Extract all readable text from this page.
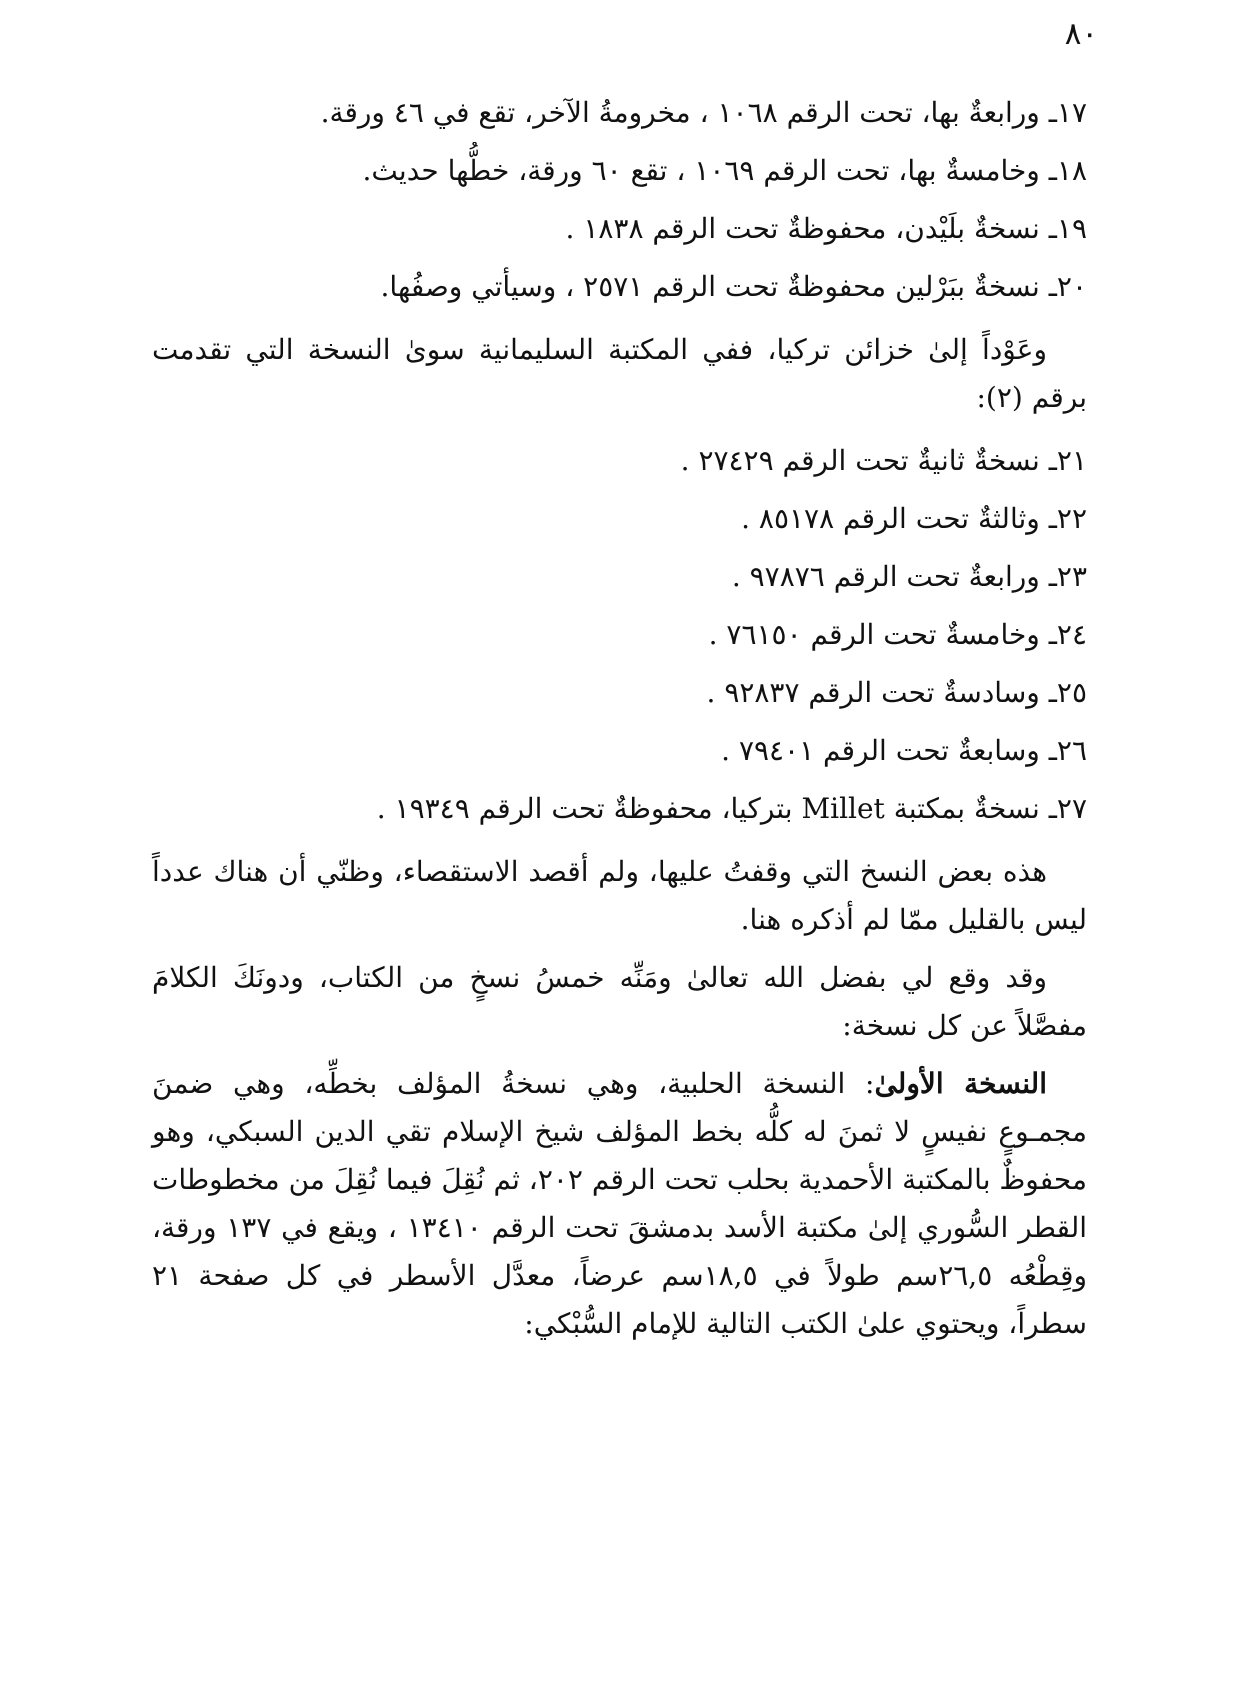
٨٠
١٧ـ ورابعةٌ بها، تحت الرقم ١٠٦٨ ، مخرومةُ الآخر، تقع في ٤٦ ورقة.
١٨ـ وخامسةٌ بها، تحت الرقم ١٠٦٩ ، تقع ٦٠ ورقة، خطُّها حديث.
١٩ـ نسخةٌ بلَيْدن، محفوظةٌ تحت الرقم ١٨٣٨ .
٢٠ـ نسخةٌ ببَرْلين محفوظةٌ تحت الرقم ٢٥٧١ ، وسيأتي وصفُها.

وعَوْداً إلىٰ خزائن تركيا، ففي المكتبة السليمانية سوىٰ النسخة التي تقدمت برقم (٢):

٢١ـ نسخةٌ ثانيةٌ تحت الرقم ٢٧٤٢٩ .
٢٢ـ وثالثةٌ تحت الرقم ٨٥١٧٨ .
٢٣ـ ورابعةٌ تحت الرقم ٩٧٨٧٦ .
٢٤ـ وخامسةٌ تحت الرقم ٧٦١٥٠ .
٢٥ـ وسادسةٌ تحت الرقم ٩٢٨٣٧ .
٢٦ـ وسابعةٌ تحت الرقم ٧٩٤٠١ .
٢٧ـ نسخةٌ بمكتبة Millet بتركيا، محفوظةٌ تحت الرقم ١٩٣٤٩ .

هذه بعض النسخ التي وقفتُ عليها، ولم أقصد الاستقصاء، وظنّي أن هناك عدداً ليس بالقليل ممّا لم أذكره هنا.

وقد وقع لي بفضل الله تعالىٰ ومَنِّه خمسُ نسخٍ من الكتاب، ودونَكَ الكلامَ مفصَّلاً عن كل نسخة:

النسخة الأولىٰ: النسخة الحلبية، وهي نسخةُ المؤلف بخطِّه، وهي ضمنَ مجمـوعٍ نفيسٍ لا ثمنَ له كلُّه بخط المؤلف شيخ الإسلام تقي الدين السبكي، وهو محفوظٌ بالمكتبة الأحمدية بحلب تحت الرقم ٢٠٢، ثم نُقِلَ فيما نُقِلَ من مخطوطات القطر السُّوري إلىٰ مكتبة الأسد بدمشقَ تحت الرقم ١٣٤١٠ ، ويقع في ١٣٧ ورقة، وقِطْعُه ٢٦,٥سم طولاً في ١٨,٥سم عرضاً، معدَّل الأسطر في كل صفحة ٢١ سطراً، ويحتوي علىٰ الكتب التالية للإمام السُّبْكي:
